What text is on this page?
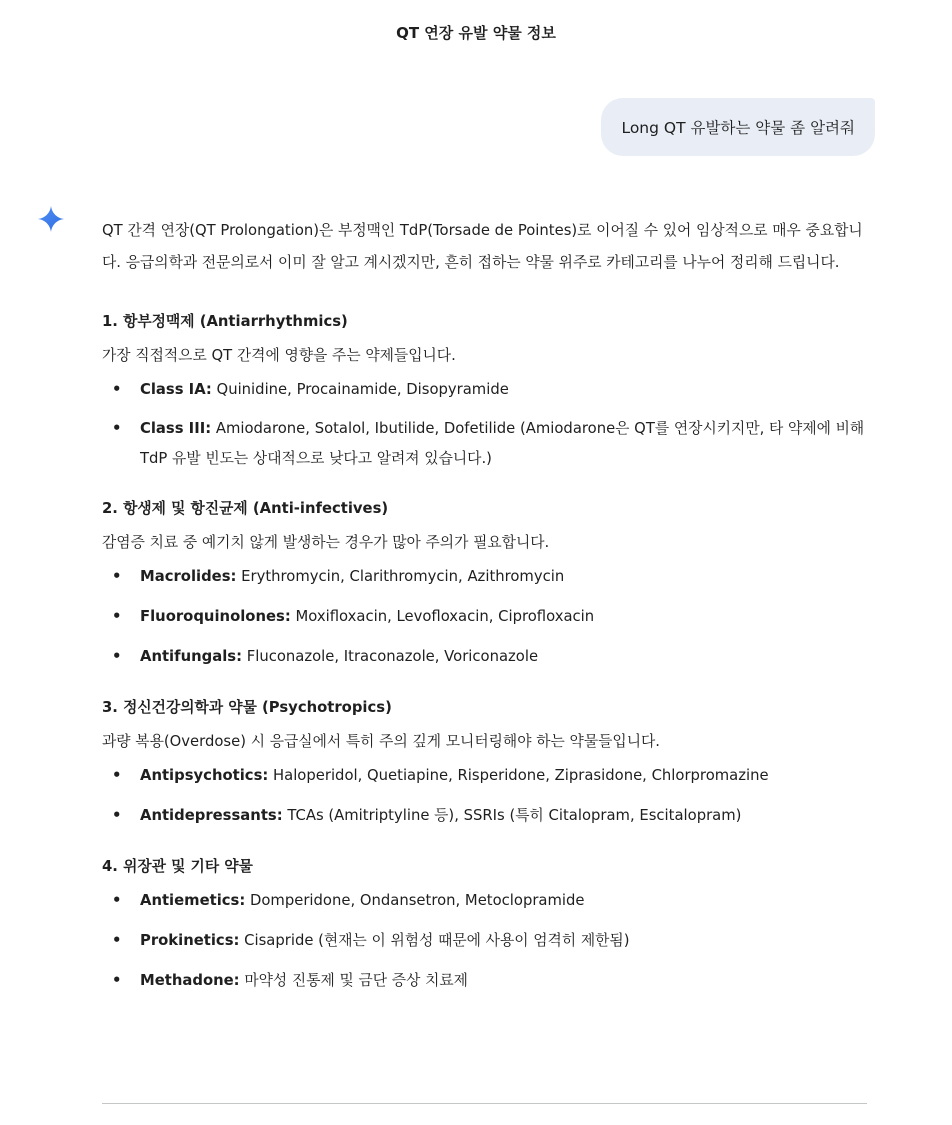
QT 연장 유발 약물 정보
Long QT 유발하는 약물 좀 알려줘

QT 간격 연장(QT Prolongation)은 부정맥인 TdP(Torsade de Pointes)로 이어질 수 있어 임상적으로 매우 중요합니다. 응급의학과 전문의로서 이미 잘 알고 계시겠지만, 흔히 접하는 약물 위주로 카테고리를 나누어 정리해 드립니다.

1. 항부정맥제 (Antiarrhythmics)
가장 직접적으로 QT 간격에 영향을 주는 약제들입니다.
• Class IA: Quinidine, Procainamide, Disopyramide
• Class III: Amiodarone, Sotalol, Ibutilide, Dofetilide (Amiodarone은 QT를 연장시키지만, 타 약제에 비해 TdP 유발 빈도는 상대적으로 낮다고 알려져 있습니다.)
2. 항생제 및 항진균제 (Anti-infectives)
감염증 치료 중 예기치 않게 발생하는 경우가 많아 주의가 필요합니다.
• Macrolides: Erythromycin, Clarithromycin, Azithromycin
• Fluoroquinolones: Moxifloxacin, Levofloxacin, Ciprofloxacin
• Antifungals: Fluconazole, Itraconazole, Voriconazole
3. 정신건강의학과 약물 (Psychotropics)
과량 복용(Overdose) 시 응급실에서 특히 주의 깊게 모니터링해야 하는 약물들입니다.
• Antipsychotics: Haloperidol, Quetiapine, Risperidone, Ziprasidone, Chlorpromazine
• Antidepressants: TCAs (Amitriptyline 등), SSRIs (특히 Citalopram, Escitalopram)
4. 위장관 및 기타 약물
• Antiemetics: Domperidone, Ondansetron, Metoclopramide
• Prokinetics: Cisapride (현재는 이 위험성 때문에 사용이 엄격히 제한됨)
• Methadone: 마약성 진통제 및 금단 증상 치료제
